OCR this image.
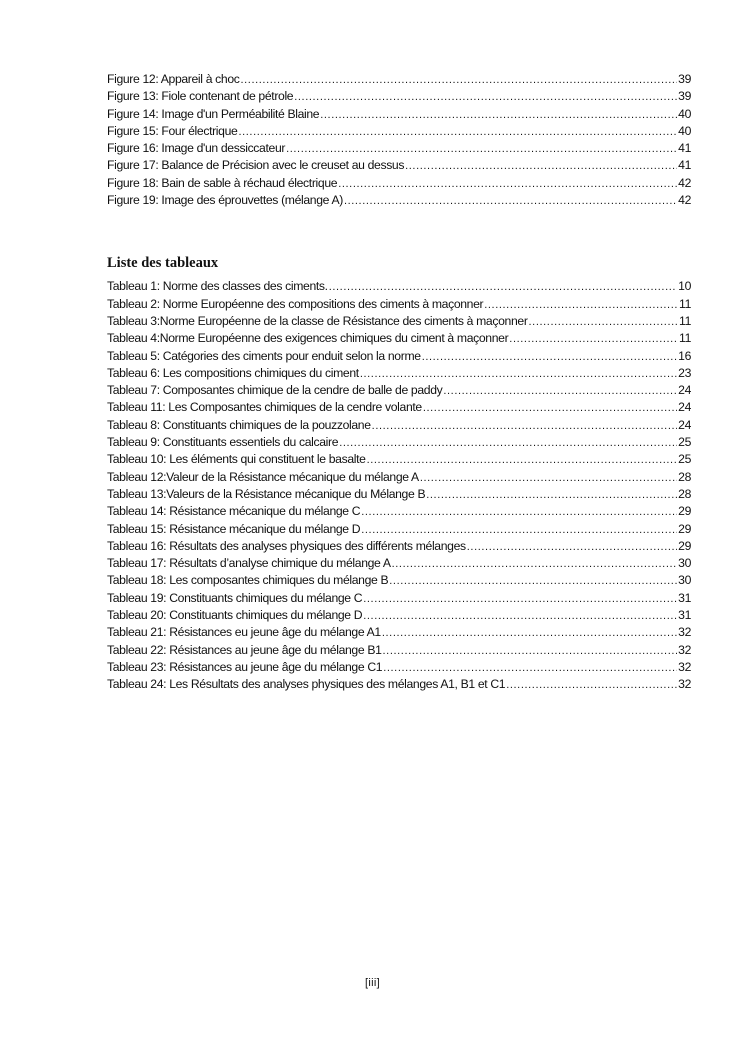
Figure 12: Appareil à choc .....	39
Figure 13: Fiole contenant de pétrole .....	39
Figure 14: Image d'un Perméabilité Blaine .....	40
Figure 15: Four électrique .....	40
Figure 16: Image d'un dessiccateur .....	41
Figure 17: Balance de Précision avec le creuset au dessus .....	41
Figure 18: Bain de sable à réchaud électrique .....	42
Figure 19: Image des éprouvettes (mélange A) .....	42
Liste des tableaux
Tableau 1: Norme des classes des ciments. .....	10
Tableau 2: Norme Européenne des compositions des ciments à maçonner .....	11
Tableau 3:Norme Européenne de la classe de Résistance des ciments à maçonner .....	11
Tableau 4:Norme Européenne des exigences chimiques du ciment à maçonner .....	11
Tableau 5: Catégories des ciments pour enduit selon la norme .....	16
Tableau 6: Les compositions chimiques du ciment .....	23
Tableau 7: Composantes chimique de la cendre de balle de paddy .....	24
Tableau 11: Les Composantes chimiques de la cendre volante .....	24
Tableau 8: Constituants chimiques de la pouzzolane .....	24
Tableau 9: Constituants essentiels du calcaire .....	25
Tableau 10: Les éléments qui constituent le basalte .....	25
Tableau 12:Valeur de la Résistance mécanique du mélange A .....	28
Tableau 13:Valeurs de la Résistance mécanique du Mélange B .....	28
Tableau 14: Résistance mécanique du mélange C .....	29
Tableau 15: Résistance mécanique du mélange D .....	29
Tableau 16: Résultats des analyses physiques des différents mélanges .....	29
Tableau 17: Résultats d’analyse chimique du mélange A .....	30
Tableau 18: Les composantes chimiques du mélange B .....	30
Tableau 19: Constituants chimiques du mélange C .....	31
Tableau 20: Constituants chimiques du mélange D .....	31
Tableau 21: Résistances eu jeune âge du mélange A1 .....	32
Tableau 22: Résistances au jeune âge du mélange B1 .....	32
Tableau 23: Résistances au jeune âge du mélange C1 .....	32
Tableau 24: Les Résultats des analyses physiques des mélanges A1, B1 et C1 .....	32
[iii]
